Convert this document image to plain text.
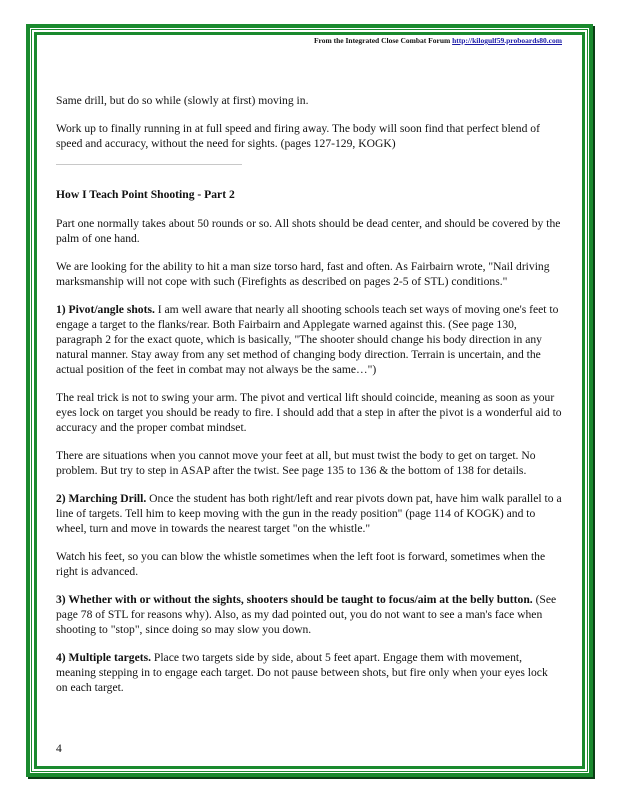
From the Integrated Close Combat Forum http://kilogulf59.proboards80.com

Same drill, but do so while (slowly at first) moving in.

Work up to finally running in at full speed and firing away. The body will soon find that perfect blend of speed and accuracy, without the need for sights. (pages 127-129, KOGK)

How I Teach Point Shooting - Part 2

Part one normally takes about 50 rounds or so. All shots should be dead center, and should be covered by the palm of one hand.

We are looking for the ability to hit a man size torso hard, fast and often. As Fairbairn wrote, "Nail driving marksmanship will not cope with such (Firefights as described on pages 2-5 of STL) conditions."

1) Pivot/angle shots. I am well aware that nearly all shooting schools teach set ways of moving one's feet to engage a target to the flanks/rear. Both Fairbairn and Applegate warned against this. (See page 130, paragraph 2 for the exact quote, which is basically, "The shooter should change his body direction in any natural manner. Stay away from any set method of changing body direction. Terrain is uncertain, and the actual position of the feet in combat may not always be the same…")

The real trick is not to swing your arm. The pivot and vertical lift should coincide, meaning as soon as your eyes lock on target you should be ready to fire. I should add that a step in after the pivot is a wonderful aid to accuracy and the proper combat mindset.

There are situations when you cannot move your feet at all, but must twist the body to get on target. No problem. But try to step in ASAP after the twist. See page 135 to 136 & the bottom of 138 for details.

2) Marching Drill. Once the student has both right/left and rear pivots down pat, have him walk parallel to a line of targets. Tell him to keep moving with the gun in the ready position" (page 114 of KOGK) and to wheel, turn and move in towards the nearest target "on the whistle."

Watch his feet, so you can blow the whistle sometimes when the left foot is forward, sometimes when the right is advanced.

3) Whether with or without the sights, shooters should be taught to focus/aim at the belly button. (See page 78 of STL for reasons why). Also, as my dad pointed out, you do not want to see a man's face when shooting to "stop", since doing so may slow you down.

4) Multiple targets. Place two targets side by side, about 5 feet apart. Engage them with movement, meaning stepping in to engage each target. Do not pause between shots, but fire only when your eyes lock on each target.

4
